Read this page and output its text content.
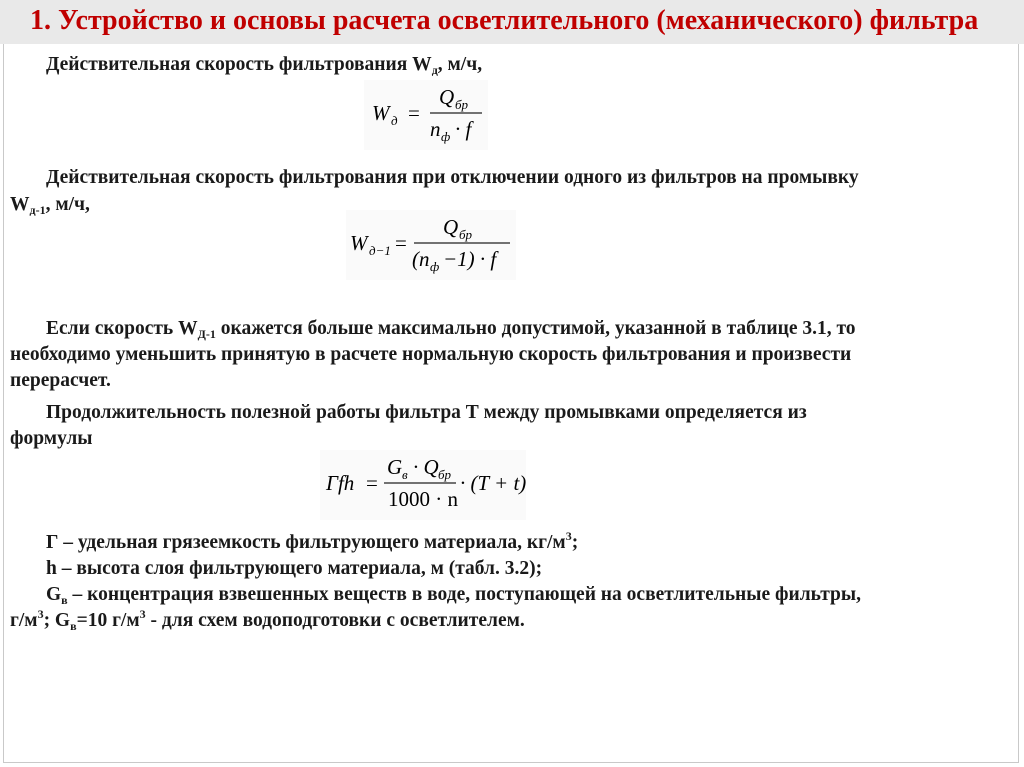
1. Устройство и основы расчета осветлительного (механического) фильтра
Действительная скорость фильтрования $W_д$, м/ч,
W д =
Q бр
n ф · f
Действительная скорость фильтрования при отключении одного из фильтров на промывку
$W_{д-1}$, м/ч,
W д−1 =
Q бр
(n ф −1) · f
Если скорость $W_{Д-1}$ окажется больше максимально допустимой, указанной в таблице 3.1, то
необходимо уменьшить принятую в расчете нормальную скорость фильтрования и произвести
перерасчет.
Продолжительность полезной работы фильтра Т между промывками определяется из
формулы
Гfh =
G в · Q бр
1000 · n
· (T + t)
Г – удельная грязеемкость фильтрующего материала, $кг/м^3$;
h – высота слоя фильтрующего материала, м (табл. 3.2);
$G_в$ – концентрация взвешенных веществ в воде, поступающей на осветлительные фильтры,
$г/м^3$; $G_в=10$ $г/м^3$ - для схем водоподготовки с осветлителем.
